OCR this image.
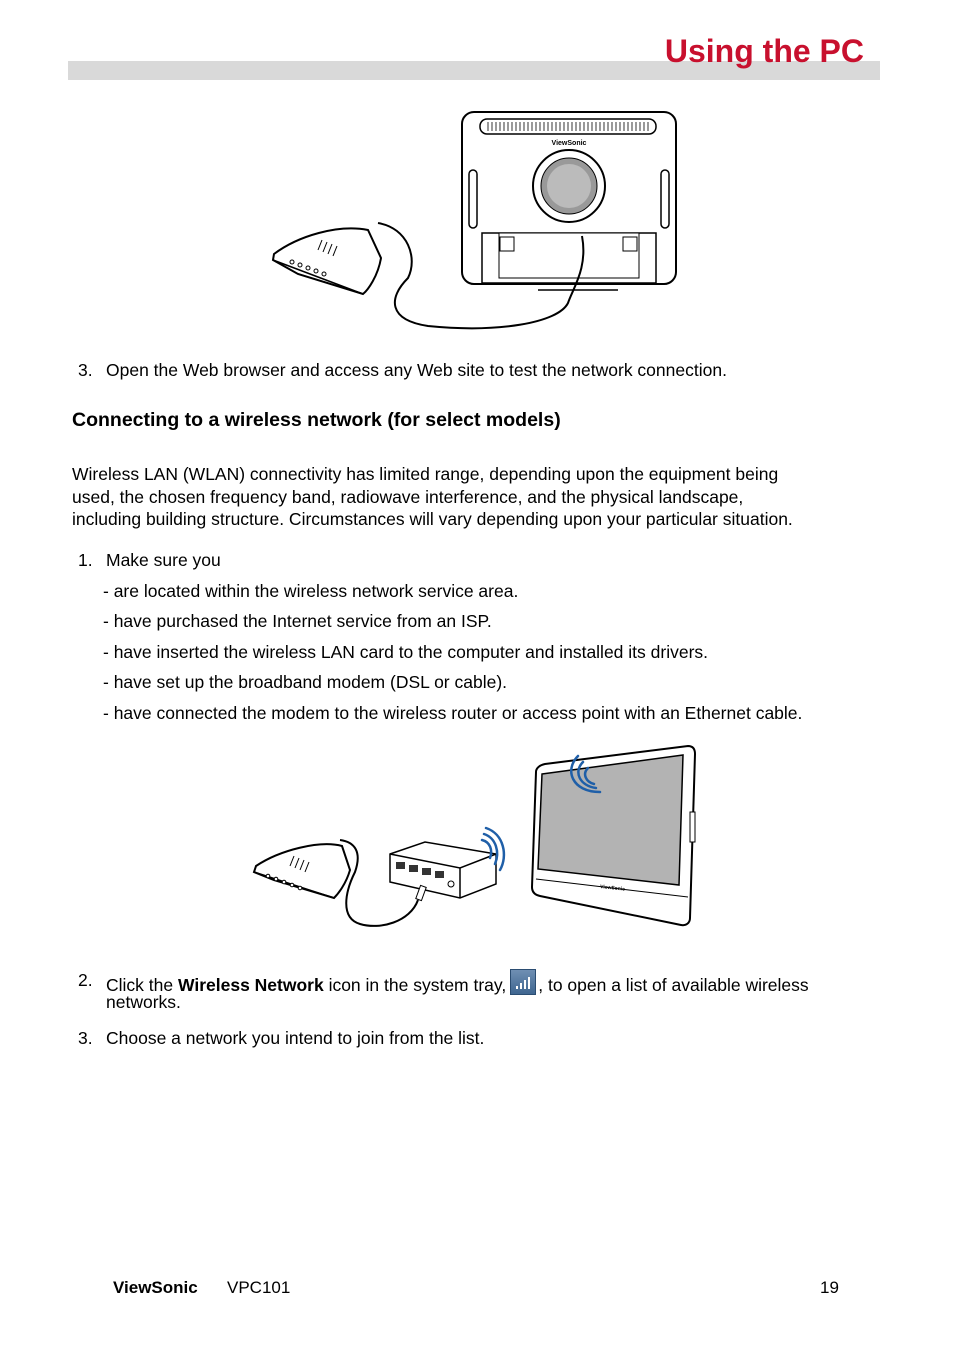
Using the PC
ViewSonic
3. Open the Web browser and access any Web site to test the network connection.
Connecting to a wireless network (for select models)
Wireless LAN (WLAN) connectivity has limited range, depending upon the equipment being
used, the chosen frequency band, radiowave interference, and the physical landscape,
including building structure. Circumstances will vary depending upon your particular situation.
1. Make sure you
- are located within the wireless network service area.
- have purchased the Internet service from an ISP.
- have inserted the wireless LAN card to the computer and installed its drivers.
- have set up the broadband modem (DSL or cable).
- have connected the modem to the wireless router or access point with an Ethernet cable.
ViewSonic
2. Click the Wireless Network icon in the system tray, , to open a list of available wireless
networks.
3. Choose a network you intend to join from the list.
ViewSonic VPC101	19
